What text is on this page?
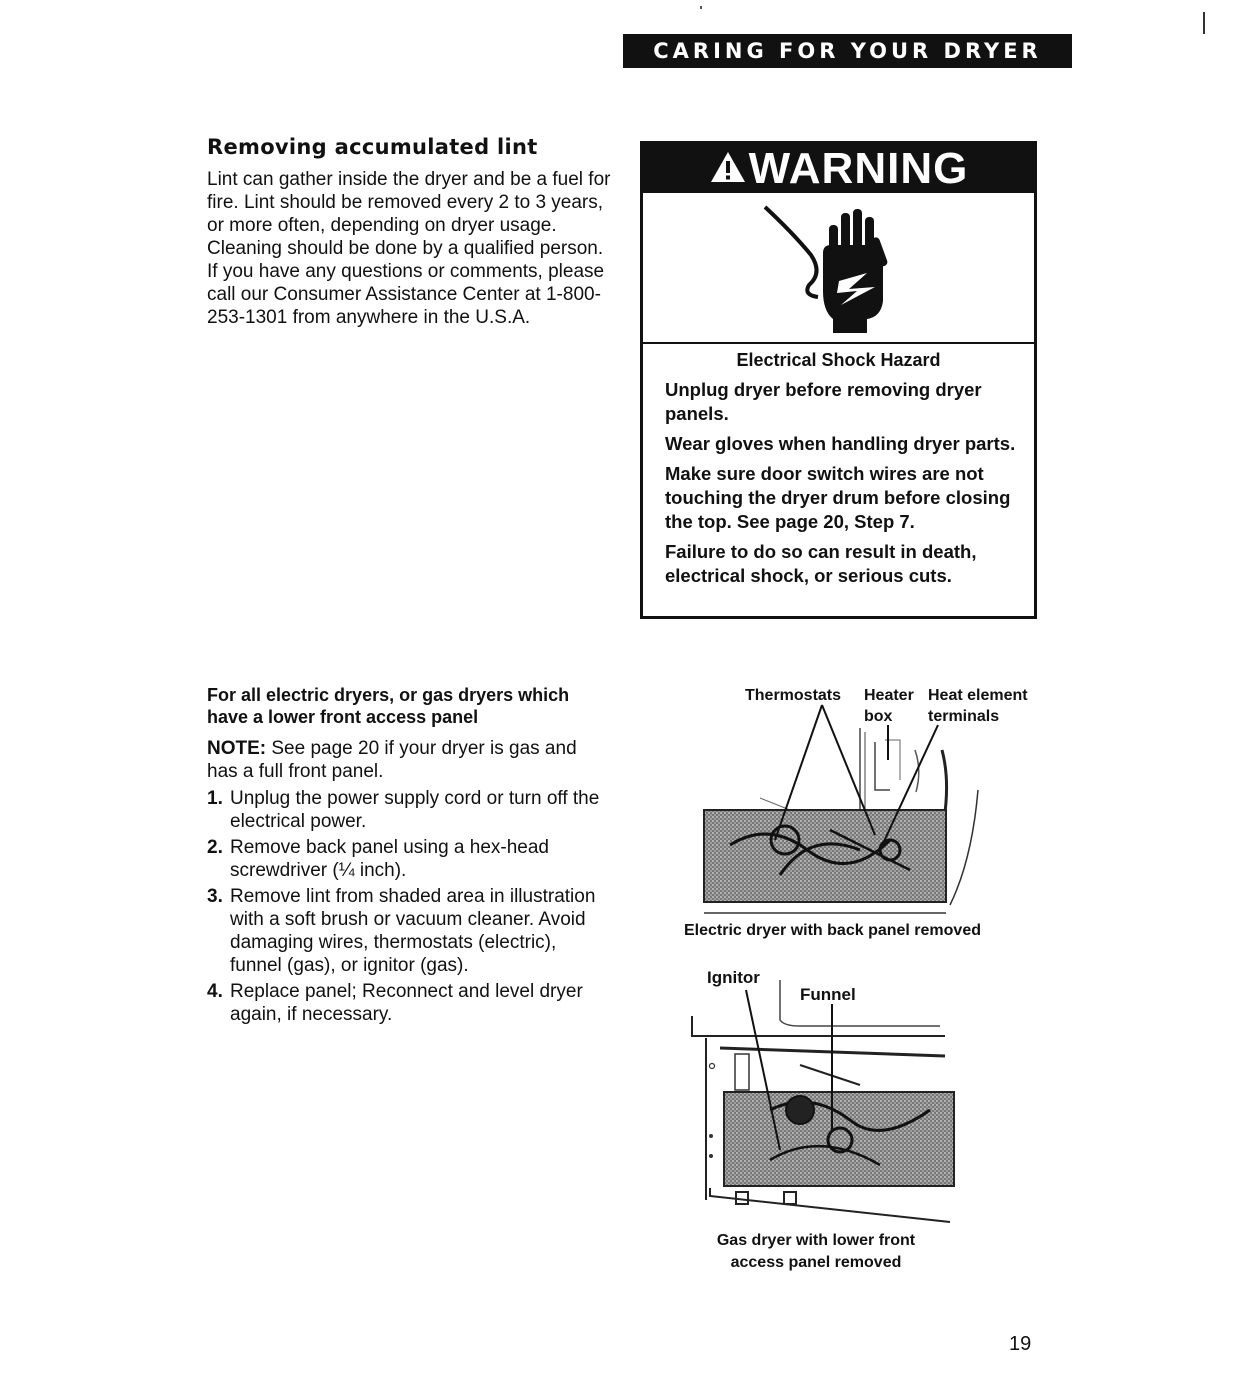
CARING FOR YOUR DRYER
Removing accumulated lint
Lint can gather inside the dryer and be a fuel for fire. Lint should be removed every 2 to 3 years, or more often, depending on dryer usage. Cleaning should be done by a qualified person. If you have any questions or comments, please call our Consumer Assistance Center at 1-800-253-1301 from anywhere in the U.S.A.
WARNING
Electrical Shock Hazard

Unplug dryer before removing dryer panels.

Wear gloves when handling dryer parts.

Make sure door switch wires are not touching the dryer drum before closing the top. See page 20, Step 7.

Failure to do so can result in death, electrical shock, or serious cuts.

For all electric dryers, or gas dryers which have a lower front access panel
NOTE: See page 20 if your dryer is gas and has a full front panel.
1. Unplug the power supply cord or turn off the electrical power.
2. Remove back panel using a hex-head screwdriver (¼ inch).
3. Remove lint from shaded area in illustration with a soft brush or vacuum cleaner. Avoid damaging wires, thermostats (electric), funnel (gas), or ignitor (gas).
4. Replace panel; Reconnect and level dryer again, if necessary.
Thermostats Heater
box
Heat element
terminals
Electric dryer with back panel removed
Ignitor
Funnel
Gas dryer with lower front
access panel removed
19
